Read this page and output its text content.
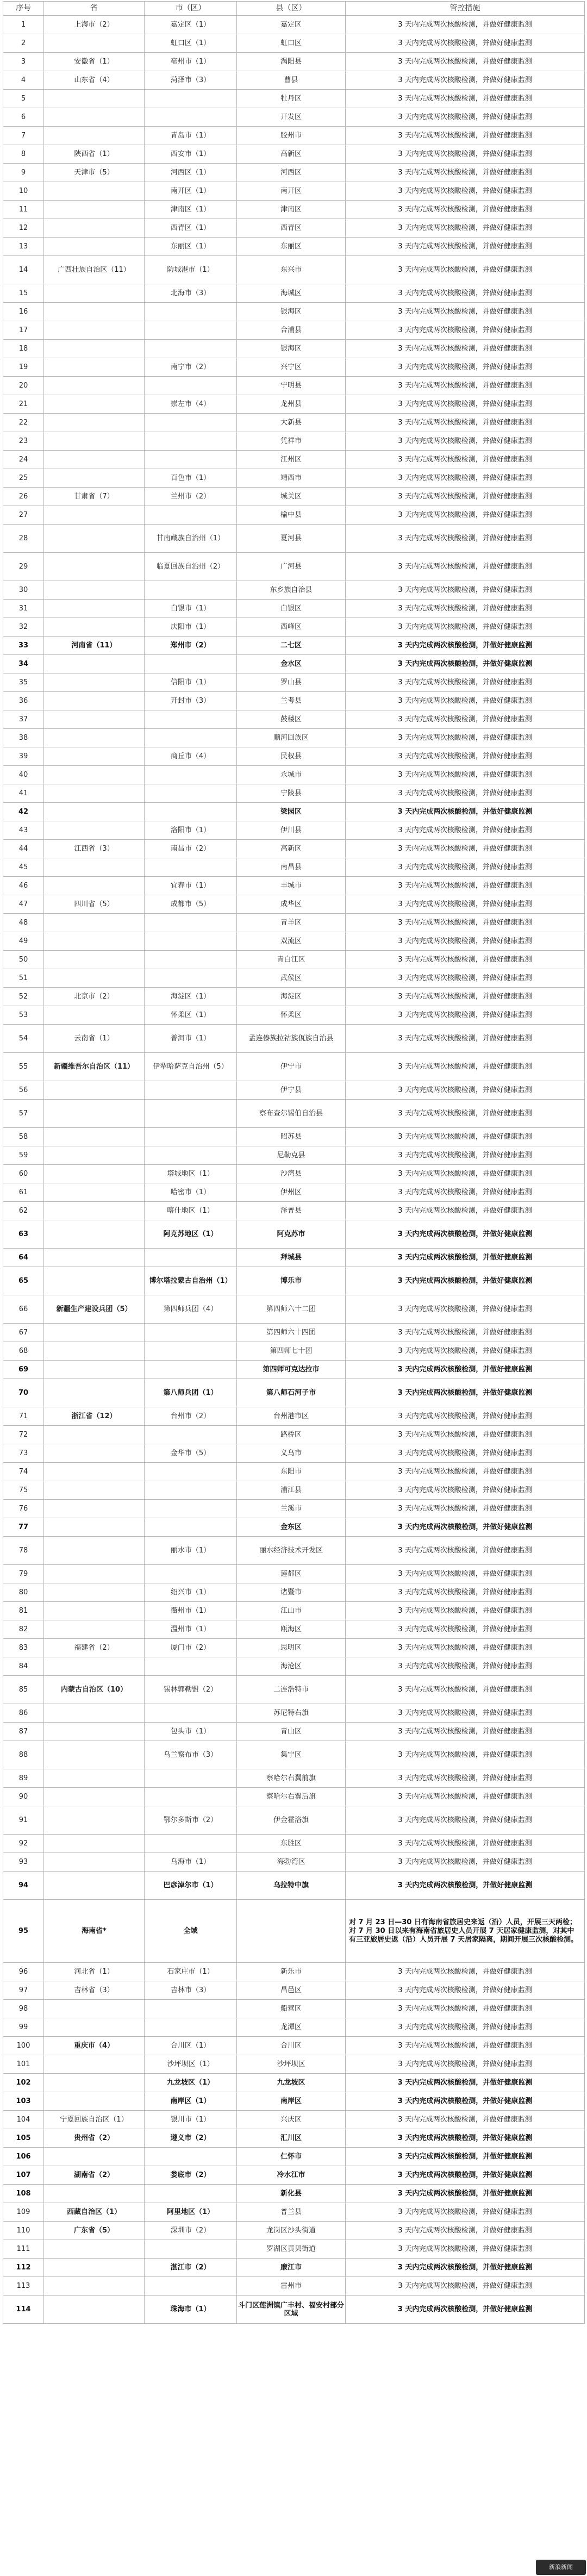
序号	省	市（区）	县（区）	管控措施
1	上海市（2）	嘉定区（1）	嘉定区	3 天内完成两次核酸检测，并做好健康监测
2		虹口区（1）	虹口区	3 天内完成两次核酸检测，并做好健康监测
3	安徽省（1）	亳州市（1）	涡阳县	3 天内完成两次核酸检测，并做好健康监测
4	山东省（4）	菏泽市（3）	曹县	3 天内完成两次核酸检测，并做好健康监测
5			牡丹区	3 天内完成两次核酸检测，并做好健康监测
6			开发区	3 天内完成两次核酸检测，并做好健康监测
7		青岛市（1）	胶州市	3 天内完成两次核酸检测，并做好健康监测
8	陕西省（1）	西安市（1）	高新区	3 天内完成两次核酸检测，并做好健康监测
9	天津市（5）	河西区（1）	河西区	3 天内完成两次核酸检测，并做好健康监测
10		南开区（1）	南开区	3 天内完成两次核酸检测，并做好健康监测
11		津南区（1）	津南区	3 天内完成两次核酸检测，并做好健康监测
12		西青区（1）	西青区	3 天内完成两次核酸检测，并做好健康监测
13		东丽区（1）	东丽区	3 天内完成两次核酸检测，并做好健康监测
14	广西壮族自治区（11）	防城港市（1）	东兴市	3 天内完成两次核酸检测，并做好健康监测
15		北海市（3）	海城区	3 天内完成两次核酸检测，并做好健康监测
16			银海区	3 天内完成两次核酸检测，并做好健康监测
17			合浦县	3 天内完成两次核酸检测，并做好健康监测
18			银海区	3 天内完成两次核酸检测，并做好健康监测
19		南宁市（2）	兴宁区	3 天内完成两次核酸检测，并做好健康监测
20			宁明县	3 天内完成两次核酸检测，并做好健康监测
21		崇左市（4）	龙州县	3 天内完成两次核酸检测，并做好健康监测
22			大新县	3 天内完成两次核酸检测，并做好健康监测
23			凭祥市	3 天内完成两次核酸检测，并做好健康监测
24			江州区	3 天内完成两次核酸检测，并做好健康监测
25		百色市（1）	靖西市	3 天内完成两次核酸检测，并做好健康监测
26	甘肃省（7）	兰州市（2）	城关区	3 天内完成两次核酸检测，并做好健康监测
27			榆中县	3 天内完成两次核酸检测，并做好健康监测
28		甘南藏族自治州（1）	夏河县	3 天内完成两次核酸检测，并做好健康监测
29		临夏回族自治州（2）	广河县	3 天内完成两次核酸检测，并做好健康监测
30			东乡族自治县	3 天内完成两次核酸检测，并做好健康监测
31		白银市（1）	白银区	3 天内完成两次核酸检测，并做好健康监测
32		庆阳市（1）	西峰区	3 天内完成两次核酸检测，并做好健康监测
33	河南省（11）	郑州市（2）	二七区	3 天内完成两次核酸检测，并做好健康监测
34			金水区	3 天内完成两次核酸检测，并做好健康监测
35		信阳市（1）	罗山县	3 天内完成两次核酸检测，并做好健康监测
36		开封市（3）	兰考县	3 天内完成两次核酸检测，并做好健康监测
37			鼓楼区	3 天内完成两次核酸检测，并做好健康监测
38			顺河回族区	3 天内完成两次核酸检测，并做好健康监测
39		商丘市（4）	民权县	3 天内完成两次核酸检测，并做好健康监测
40			永城市	3 天内完成两次核酸检测，并做好健康监测
41			宁陵县	3 天内完成两次核酸检测，并做好健康监测
42			梁园区	3 天内完成两次核酸检测，并做好健康监测
43		洛阳市（1）	伊川县	3 天内完成两次核酸检测，并做好健康监测
44	江西省（3）	南昌市（2）	高新区	3 天内完成两次核酸检测，并做好健康监测
45			南昌县	3 天内完成两次核酸检测，并做好健康监测
46		宜春市（1）	丰城市	3 天内完成两次核酸检测，并做好健康监测
47	四川省（5）	成都市（5）	成华区	3 天内完成两次核酸检测，并做好健康监测
48			青羊区	3 天内完成两次核酸检测，并做好健康监测
49			双流区	3 天内完成两次核酸检测，并做好健康监测
50			青白江区	3 天内完成两次核酸检测，并做好健康监测
51			武侯区	3 天内完成两次核酸检测，并做好健康监测
52	北京市（2）	海淀区（1）	海淀区	3 天内完成两次核酸检测，并做好健康监测
53		怀柔区（1）	怀柔区	3 天内完成两次核酸检测，并做好健康监测
54	云南省（1）	普洱市（1）	孟连傣族拉祜族佤族自治县	3 天内完成两次核酸检测，并做好健康监测
55	新疆维吾尔自治区（11）	伊犁哈萨克自治州（5）	伊宁市	3 天内完成两次核酸检测，并做好健康监测
56			伊宁县	3 天内完成两次核酸检测，并做好健康监测
57			察布查尔锡伯自治县	3 天内完成两次核酸检测，并做好健康监测
58			昭苏县	3 天内完成两次核酸检测，并做好健康监测
59			尼勒克县	3 天内完成两次核酸检测，并做好健康监测
60		塔城地区（1）	沙湾县	3 天内完成两次核酸检测，并做好健康监测
61		哈密市（1）	伊州区	3 天内完成两次核酸检测，并做好健康监测
62		喀什地区（1）	泽普县	3 天内完成两次核酸检测，并做好健康监测
63		阿克苏地区（1）	阿克苏市	3 天内完成两次核酸检测，并做好健康监测
64			拜城县	3 天内完成两次核酸检测，并做好健康监测
65		博尔塔拉蒙古自治州（1）	博乐市	3 天内完成两次核酸检测，并做好健康监测
66	新疆生产建设兵团（5）	第四师兵团（4）	第四师六十二团	3 天内完成两次核酸检测，并做好健康监测
67			第四师六十四团	3 天内完成两次核酸检测，并做好健康监测
68			第四师七十团	3 天内完成两次核酸检测，并做好健康监测
69			第四师可克达拉市	3 天内完成两次核酸检测，并做好健康监测
70		第八师兵团（1）	第八师石河子市	3 天内完成两次核酸检测，并做好健康监测
71	浙江省（12）	台州市（2）	台州港市区	3 天内完成两次核酸检测，并做好健康监测
72			路桥区	3 天内完成两次核酸检测，并做好健康监测
73		金华市（5）	义乌市	3 天内完成两次核酸检测，并做好健康监测
74			东阳市	3 天内完成两次核酸检测，并做好健康监测
75			浦江县	3 天内完成两次核酸检测，并做好健康监测
76			兰溪市	3 天内完成两次核酸检测，并做好健康监测
77			金东区	3 天内完成两次核酸检测，并做好健康监测
78		丽水市（1）	丽水经济技术开发区	3 天内完成两次核酸检测，并做好健康监测
79			莲都区	3 天内完成两次核酸检测，并做好健康监测
80		绍兴市（1）	诸暨市	3 天内完成两次核酸检测，并做好健康监测
81		衢州市（1）	江山市	3 天内完成两次核酸检测，并做好健康监测
82		温州市（1）	瓯海区	3 天内完成两次核酸检测，并做好健康监测
83	福建省（2）	厦门市（2）	思明区	3 天内完成两次核酸检测，并做好健康监测
84			海沧区	3 天内完成两次核酸检测，并做好健康监测
85	内蒙古自治区（10）	锡林郭勒盟（2）	二连浩特市	3 天内完成两次核酸检测，并做好健康监测
86			苏尼特右旗	3 天内完成两次核酸检测，并做好健康监测
87		包头市（1）	青山区	3 天内完成两次核酸检测，并做好健康监测
88		乌兰察布市（3）	集宁区	3 天内完成两次核酸检测，并做好健康监测
89			察哈尔右翼前旗	3 天内完成两次核酸检测，并做好健康监测
90			察哈尔右翼后旗	3 天内完成两次核酸检测，并做好健康监测
91		鄂尔多斯市（2）	伊金霍洛旗	3 天内完成两次核酸检测，并做好健康监测
92			东胜区	3 天内完成两次核酸检测，并做好健康监测
93		乌海市（1）	海勃湾区	3 天内完成两次核酸检测，并做好健康监测
94		巴彦淖尔市（1）	乌拉特中旗	3 天内完成两次核酸检测，并做好健康监测
95	海南省*	全域		对 7 月 23 日—30 日有海南省旅居史来返（沿）人员，开展三天两检；对 7 月 30 日以来有海南省旅居史人员开展 7 天居家健康监测，对其中有三亚旅居史返（沿）人员开展 7 天居家隔离，期间开展三次核酸检测。
96	河北省（1）	石家庄市（1）	新乐市	3 天内完成两次核酸检测，并做好健康监测
97	吉林省（3）	吉林市（3）	昌邑区	3 天内完成两次核酸检测，并做好健康监测
98			船营区	3 天内完成两次核酸检测，并做好健康监测
99			龙潭区	3 天内完成两次核酸检测，并做好健康监测
100	重庆市（4）	合川区（1）	合川区	3 天内完成两次核酸检测，并做好健康监测
101		沙坪坝区（1）	沙坪坝区	3 天内完成两次核酸检测，并做好健康监测
102		九龙坡区（1）	九龙坡区	3 天内完成两次核酸检测，并做好健康监测
103		南岸区（1）	南岸区	3 天内完成两次核酸检测，并做好健康监测
104	宁夏回族自治区（1）	银川市（1）	兴庆区	3 天内完成两次核酸检测，并做好健康监测
105	贵州省（2）	遵义市（2）	汇川区	3 天内完成两次核酸检测，并做好健康监测
106			仁怀市	3 天内完成两次核酸检测，并做好健康监测
107	湖南省（2）	娄底市（2）	冷水江市	3 天内完成两次核酸检测，并做好健康监测
108			新化县	3 天内完成两次核酸检测，并做好健康监测
109	西藏自治区（1）	阿里地区（1）	普兰县	3 天内完成两次核酸检测，并做好健康监测
110	广东省（5）	深圳市（2）	龙岗区沙头街道	3 天内完成两次核酸检测，并做好健康监测
111			罗湖区黄贝街道	3 天内完成两次核酸检测，并做好健康监测
112		湛江市（2）	廉江市	3 天内完成两次核酸检测，并做好健康监测
113			雷州市	3 天内完成两次核酸检测，并做好健康监测
114		珠海市（1）	斗门区莲洲镇广丰村、福安村部分区域	3 天内完成两次核酸检测，并做好健康监测
新浪新闻
